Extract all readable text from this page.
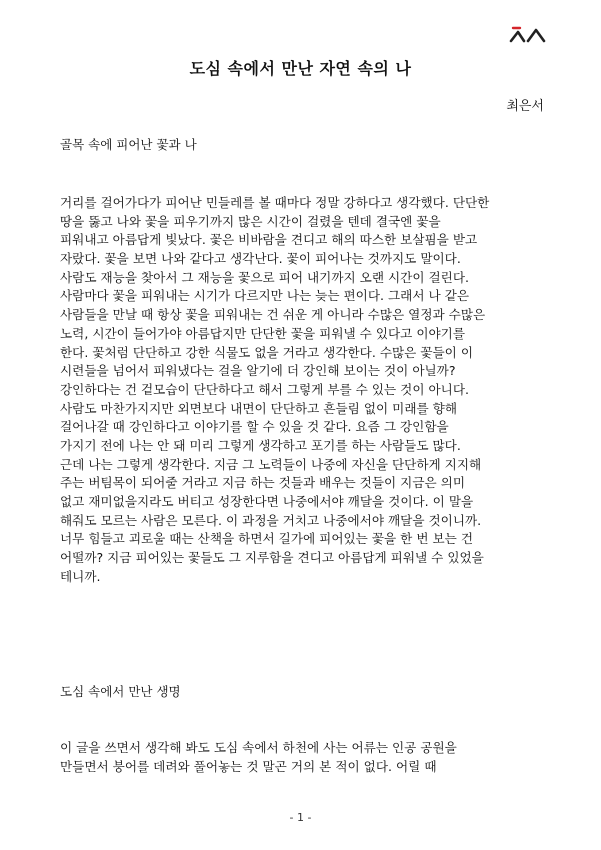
도심 속에서 만난 자연 속의 나
최은서
골목 속에 피어난 꽃과 나
거리를 걸어가다가 피어난 민들레를 볼 때마다 정말 강하다고 생각했다. 단단한
땅을 뚫고 나와 꽃을 피우기까지 많은 시간이 걸렸을 텐데 결국엔 꽃을
피워내고 아름답게 빛났다. 꽃은 비바람을 견디고 해의 따스한 보살핌을 받고
자랐다. 꽃을 보면 나와 같다고 생각난다. 꽃이 피어나는 것까지도 말이다.
사람도 재능을 찾아서 그 재능을 꽃으로 피어 내기까지 오랜 시간이 걸린다.
사람마다 꽃을 피워내는 시기가 다르지만 나는 늦는 편이다. 그래서 나 같은
사람들을 만날 때 항상 꽃을 피워내는 건 쉬운 게 아니라 수많은 열정과 수많은
노력, 시간이 들어가야 아름답지만 단단한 꽃을 피워낼 수 있다고 이야기를
한다. 꽃처럼 단단하고 강한 식물도 없을 거라고 생각한다. 수많은 꽃들이 이
시련들을 넘어서 피워냈다는 걸을 알기에 더 강인해 보이는 것이 아닐까?
강인하다는 건 겉모습이 단단하다고 해서 그렇게 부를 수 있는 것이 아니다.
사람도 마찬가지지만 외면보다 내면이 단단하고 흔들림 없이 미래를 향해
걸어나갈 때 강인하다고 이야기를 할 수 있을 것 같다. 요즘 그 강인함을
가지기 전에 나는 안 돼 미리 그렇게 생각하고 포기를 하는 사람들도 많다.
근데 나는 그렇게 생각한다. 지금 그 노력들이 나중에 자신을 단단하게 지지해
주는 버팀목이 되어줄 거라고 지금 하는 것들과 배우는 것들이 지금은 의미
없고 재미없을지라도 버티고 성장한다면 나중에서야 깨달을 것이다. 이 말을
해줘도 모르는 사람은 모른다. 이 과정을 거치고 나중에서야 깨달을 것이니까.
너무 힘들고 괴로울 때는 산책을 하면서 길가에 피어있는 꽃을 한 번 보는 건
어떨까? 지금 피어있는 꽃들도 그 지루함을 견디고 아름답게 피워낼 수 있었을
테니까.
도심 속에서 만난 생명
이 글을 쓰면서 생각해 봐도 도심 속에서 하천에 사는 어류는 인공 공원을
만들면서 붕어를 데려와 풀어놓는 것 말곤 거의 본 적이 없다. 어릴 때
- 1 -
